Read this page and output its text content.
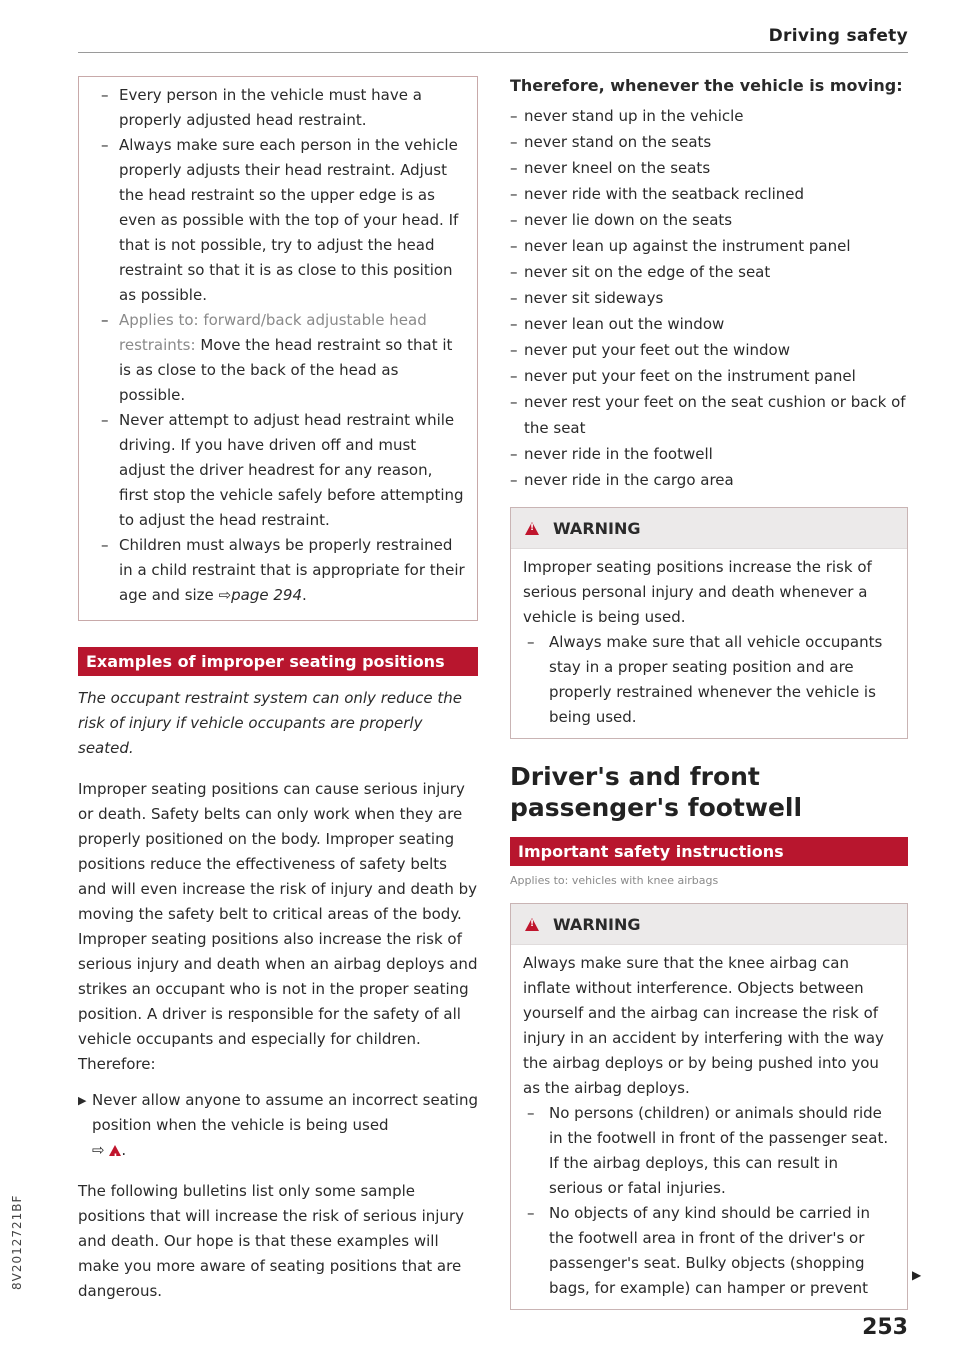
Driving safety
– Every person in the vehicle must have a properly adjusted head restraint.
– Always make sure each person in the vehicle properly adjusts their head restraint. Adjust the head restraint so the upper edge is as even as possible with the top of your head. If that is not possible, try to adjust the head restraint so that it is as close to this position as possible.
– Applies to: forward/back adjustable head restraints: Move the head restraint so that it is as close to the back of the head as possible.
– Never attempt to adjust head restraint while driving. If you have driven off and must adjust the driver headrest for any reason, first stop the vehicle safely before attempting to adjust the head restraint.
– Children must always be properly restrained in a child restraint that is appropriate for their age and size ⇨page 294.
Examples of improper seating positions

The occupant restraint system can only reduce the risk of injury if vehicle occupants are properly seated.

Improper seating positions can cause serious injury or death. Safety belts can only work when they are properly positioned on the body. Improper seating positions reduce the effectiveness of safety belts and will even increase the risk of injury and death by moving the safety belt to critical areas of the body. Improper seating positions also increase the risk of serious injury and death when an airbag deploys and strikes an occupant who is not in the proper seating position. A driver is responsible for the safety of all vehicle occupants and especially for children. Therefore:

▶ Never allow anyone to assume an incorrect seating position when the vehicle is being used
⇨ ! .

The following bulletins list only some sample positions that will increase the risk of serious injury and death. Our hope is that these examples will make you more aware of seating positions that are dangerous.

Therefore, whenever the vehicle is moving:

– never stand up in the vehicle
– never stand on the seats
– never kneel on the seats
– never ride with the seatback reclined
– never lie down on the seats
– never lean up against the instrument panel
– never sit on the edge of the seat
– never sit sideways
– never lean out the window
– never put your feet out the window
– never put your feet on the instrument panel
– never rest your feet on the seat cushion or back of the seat
– never ride in the footwell
– never ride in the cargo area
!
WARNING

Improper seating positions increase the risk of serious personal injury and death whenever a vehicle is being used.

– Always make sure that all vehicle occupants stay in a proper seating position and are properly restrained whenever the vehicle is being used.
Driver's and front passenger's footwell
Important safety instructions

Applies to: vehicles with knee airbags

!
WARNING

Always make sure that the knee airbag can inflate without interference. Objects between yourself and the airbag can increase the risk of injury in an accident by interfering with the way the airbag deploys or by being pushed into you as the airbag deploys.

– No persons (children) or animals should ride in the footwell in front of the passenger seat. If the airbag deploys, this can result in serious or fatal injuries.
– No objects of any kind should be carried in the footwell area in front of the driver's or passenger's seat. Bulky objects (shopping bags, for example) can hamper or prevent
▶
253
8V2012721BF
